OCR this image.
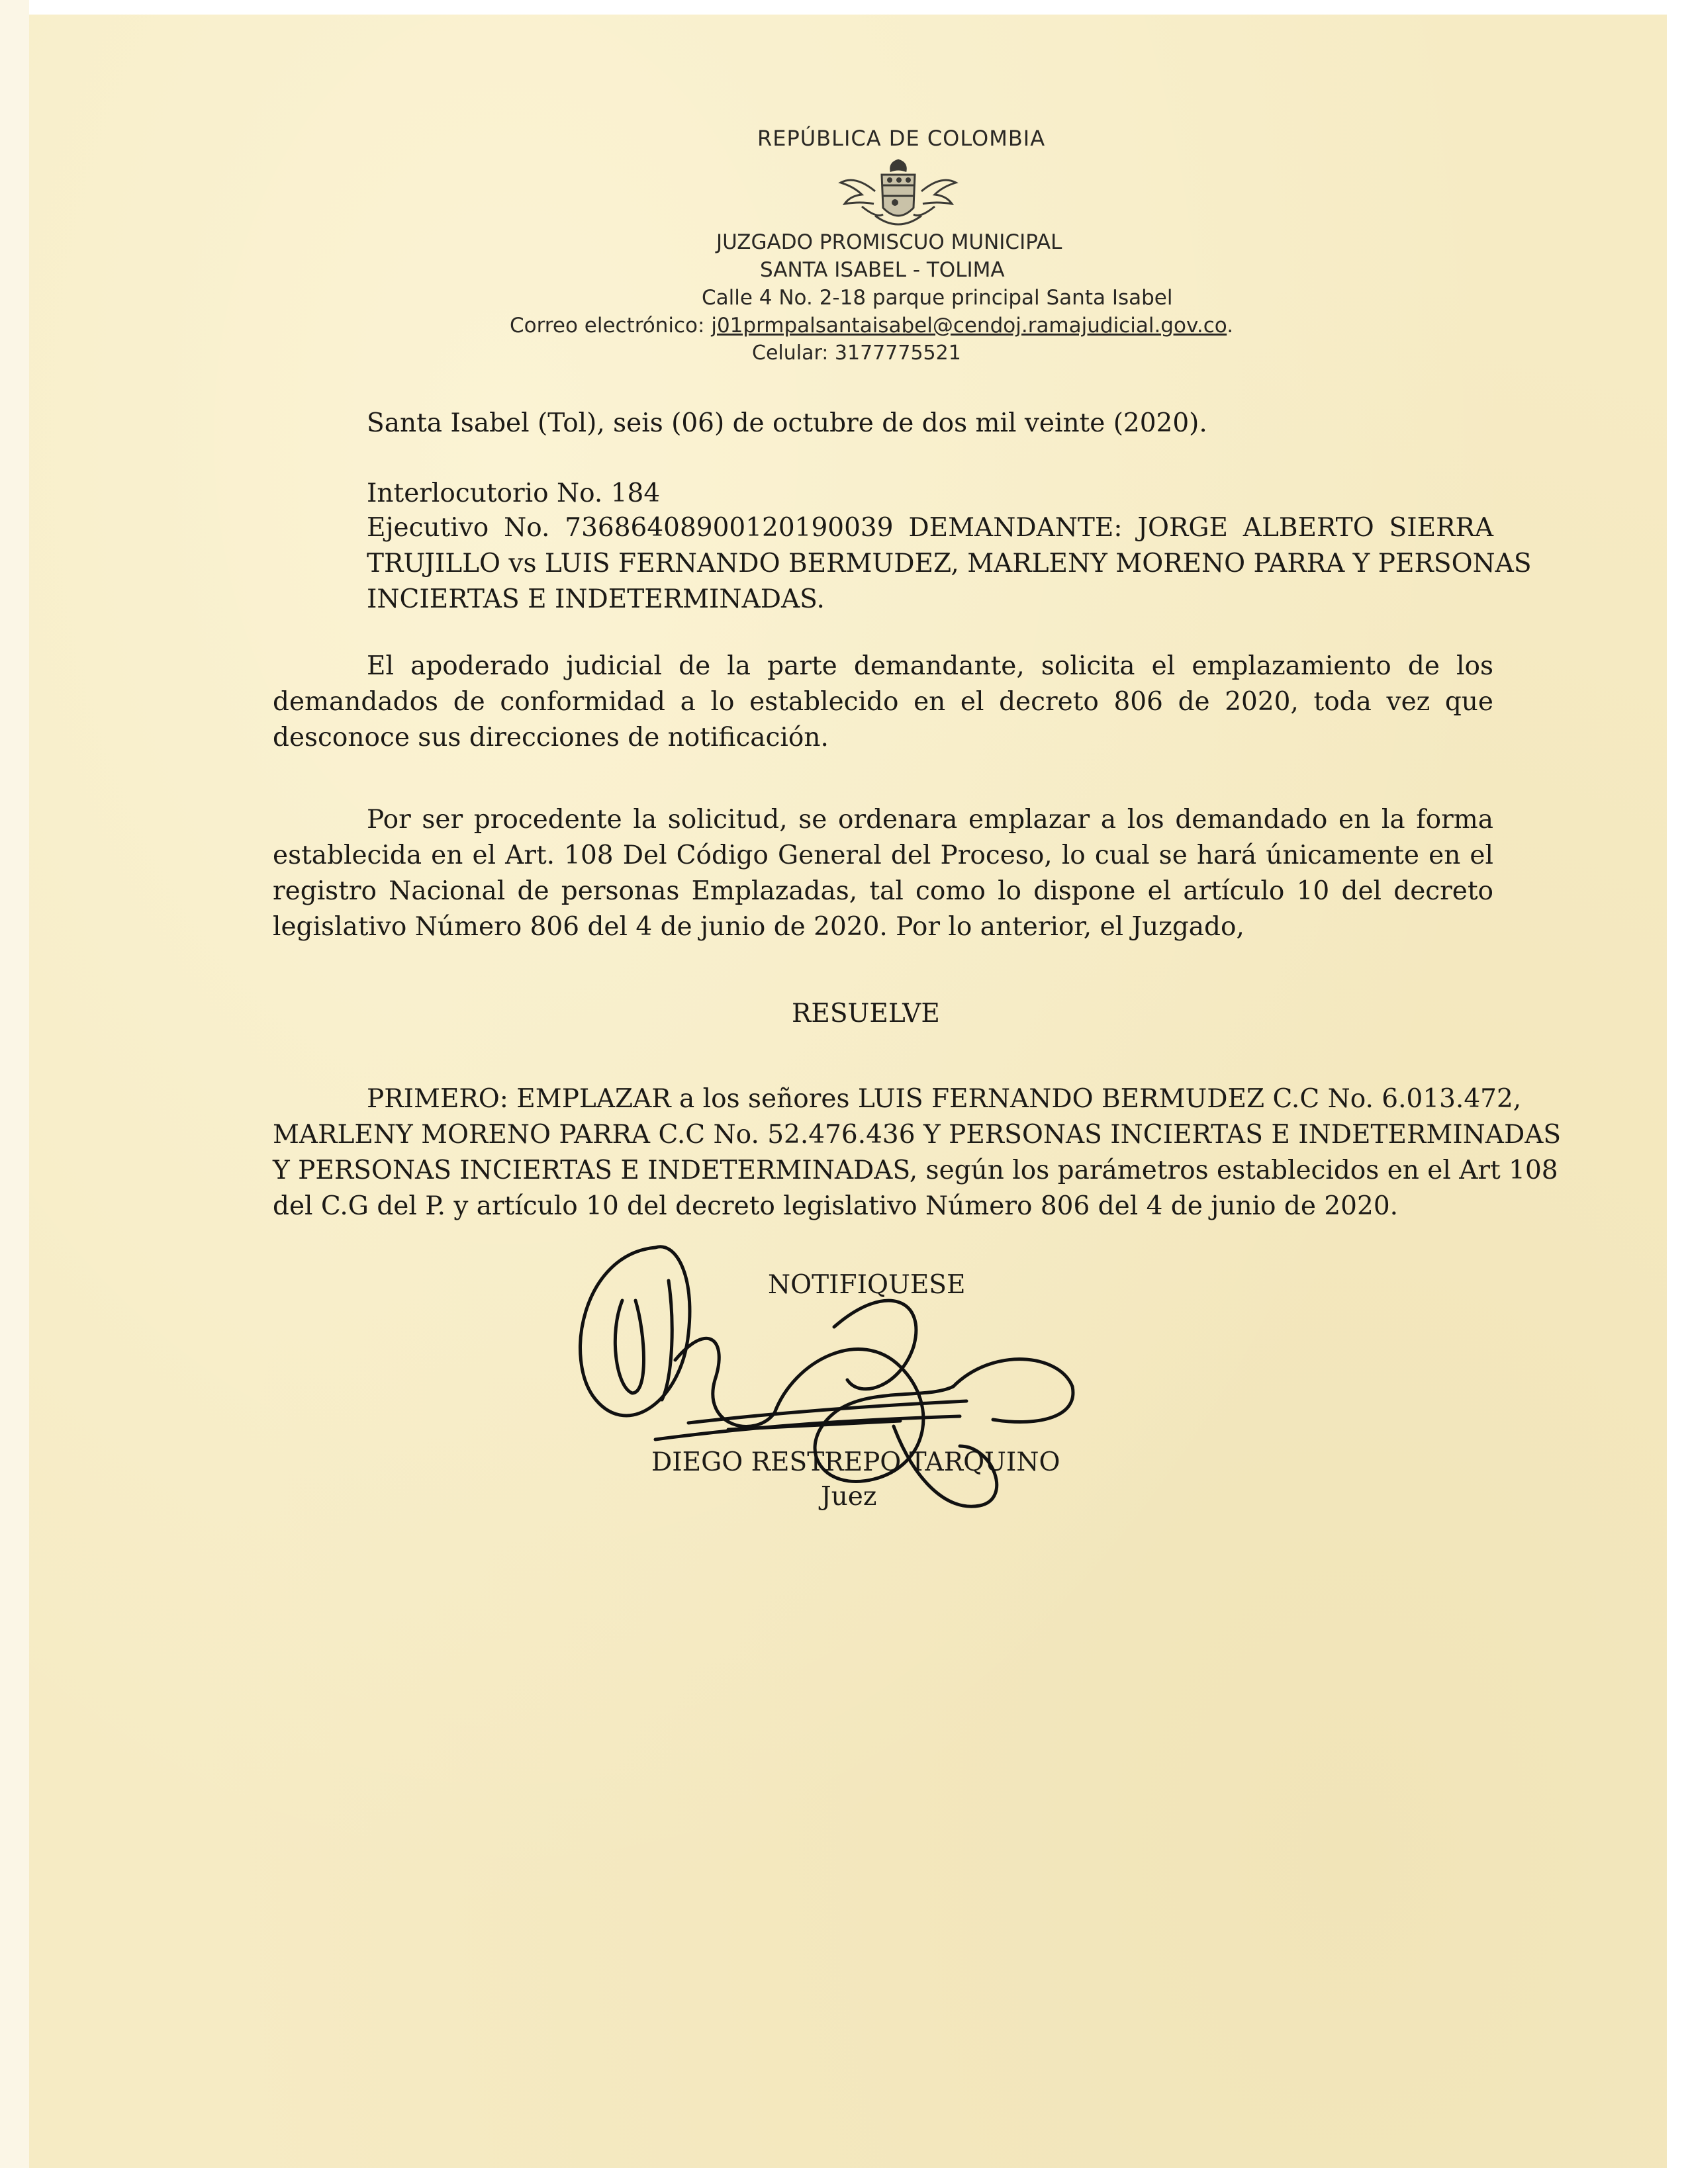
REPÚBLICA DE COLOMBIA
JUZGADO PROMISCUO MUNICIPAL
SANTA ISABEL - TOLIMA
Calle 4 No. 2-18 parque principal Santa Isabel
Correo electrónico: j01prmpalsantaisabel@cendoj.ramajudicial.gov.co.
Celular: 3177775521
Santa Isabel (Tol), seis (06) de octubre de dos mil veinte (2020).
Interlocutorio No. 184
Ejecutivo No. 73686408900120190039 DEMANDANTE: JORGE ALBERTO SIERRA
TRUJILLO vs LUIS FERNANDO BERMUDEZ, MARLENY MORENO PARRA Y PERSONAS
INCIERTAS E INDETERMINADAS.
El apoderado judicial de la parte demandante, solicita el emplazamiento de los
demandados de conformidad a lo establecido en el decreto 806 de 2020, toda vez que
desconoce sus direcciones de notificación.
Por ser procedente la solicitud, se ordenara emplazar a los demandado en la forma
establecida en el Art. 108 Del Código General del Proceso, lo cual se hará únicamente en el
registro Nacional de personas Emplazadas, tal como lo dispone el artículo 10 del decreto
legislativo Número 806 del 4 de junio de 2020. Por lo anterior, el Juzgado,
RESUELVE
PRIMERO: EMPLAZAR a los señores LUIS FERNANDO BERMUDEZ C.C No. 6.013.472,
MARLENY MORENO PARRA C.C No. 52.476.436 Y PERSONAS INCIERTAS E INDETERMINADAS
Y PERSONAS INCIERTAS E INDETERMINADAS, según los parámetros establecidos en el Art 108
del C.G del P. y artículo 10 del decreto legislativo Número 806 del 4 de junio de 2020.
NOTIFIQUESE
DIEGO RESTREPO TARQUINO
Juez
